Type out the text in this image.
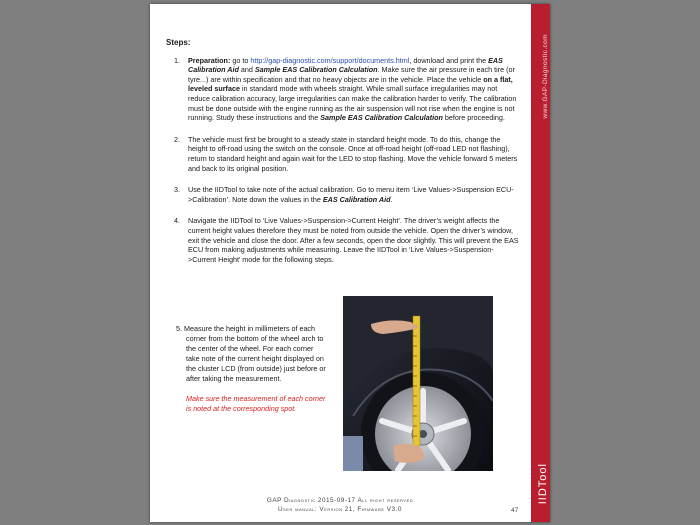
www.GAP-Diagnostic.com
IIDTool
Steps:
1. Preparation: go to http://gap-diagnostic.com/support/documents.html, download and print the EAS Calibration Aid and Sample EAS Calibration Calculation. Make sure the air pressure in each tire (or tyre...) are within specification and that no heavy objects are in the vehicle. Place the vehicle on a flat, leveled surface in standard mode with wheels straight. While small surface irregularities may not reduce calibration accuracy, large irregularities can make the calibration harder to verify. The calibration must be done outside with the engine running as the air suspension will not rise when the engine is not running. Study these instructions and the Sample EAS Calibration Calculation before proceeding.
2. The vehicle must first be brought to a steady state in standard height mode. To do this, change the height to off-road using the switch on the console. Once at off-road height (off-road LED not flashing), return to standard height and again wait for the LED to stop flashing. Move the vehicle forward 5 meters and back to its original position.
3. Use the IIDTool to take note of the actual calibration. Go to menu item ‘Live Values->Suspension ECU->Calibration’. Note down the values in the EAS Calibration Aid.
4. Navigate the IIDTool to ‘Live Values->Suspension->Current Height’. The driver’s weight affects the current height values therefore they must be noted from outside the vehicle. Open the driver’s window, exit the vehicle and close the door. After a few seconds, open the door slightly. This will prevent the EAS ECU from making adjustments while measuring. Leave the IIDTool in ‘Live Values->Suspension->Current Height’ mode for the following steps.
5. Measure the height in millimeters of each corner from the bottom of the wheel arch to the center of the wheel. For each corner take note of the current height displayed on the cluster LCD (from outside) just before or after taking the measurement.
Make sure the measurement of each corner is noted at the corresponding spot.
GAP Diagnostic 2015-09-17 All right reserved
User manual: Version 21, Firmware V3.0	47
